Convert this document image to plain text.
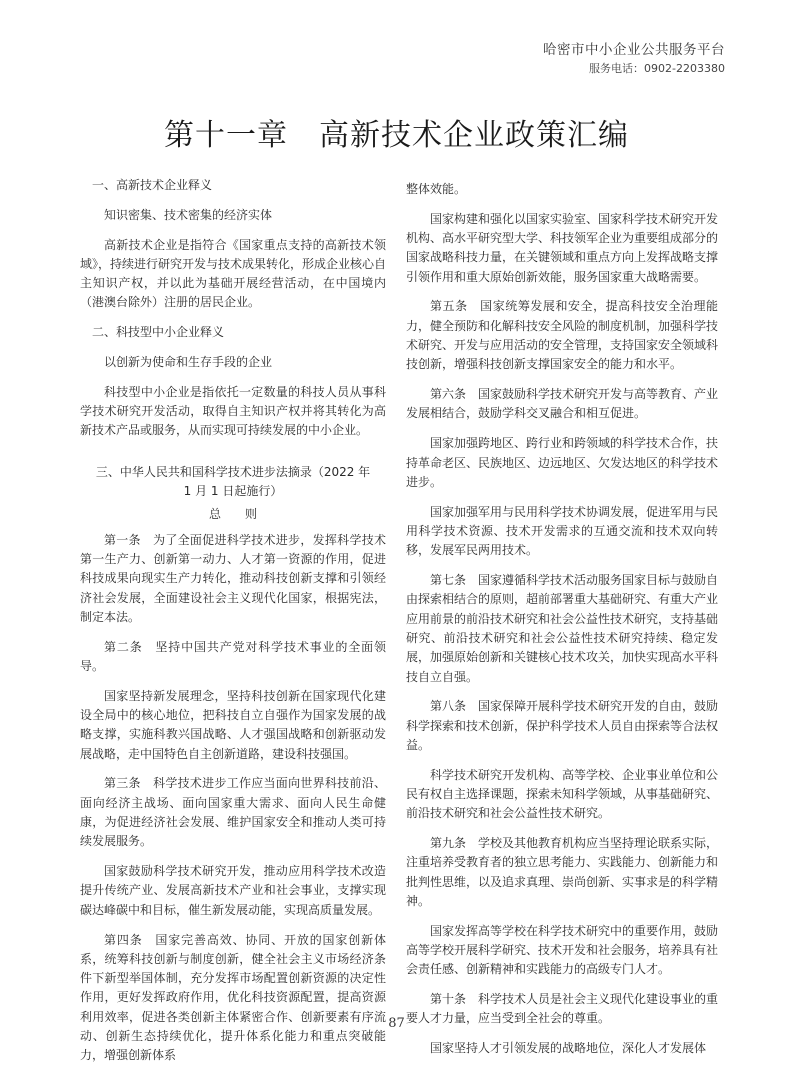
哈密市中小企业公共服务平台
服务电话：0902-2203380
第十一章　高新技术企业政策汇编

一、高新技术企业释义

知识密集、技术密集的经济实体

高新技术企业是指符合《国家重点支持的高新技术领域》，持续进行研究开发与技术成果转化，形成企业核心自主知识产权，并以此为基础开展经营活动，在中国境内（港澳台除外）注册的居民企业。

二、科技型中小企业释义

以创新为使命和生存手段的企业

科技型中小企业是指依托一定数量的科技人员从事科学技术研究开发活动，取得自主知识产权并将其转化为高新技术产品或服务，从而实现可持续发展的中小企业。

三、中华人民共和国科学技术进步法摘录（2022 年 1 月 1 日起施行）

总　　则

第一条　为了全面促进科学技术进步，发挥科学技术第一生产力、创新第一动力、人才第一资源的作用，促进科技成果向现实生产力转化，推动科技创新支撑和引领经济社会发展，全面建设社会主义现代化国家，根据宪法，制定本法。

第二条　坚持中国共产党对科学技术事业的全面领导。

国家坚持新发展理念，坚持科技创新在国家现代化建设全局中的核心地位，把科技自立自强作为国家发展的战略支撑，实施科教兴国战略、人才强国战略和创新驱动发展战略，走中国特色自主创新道路，建设科技强国。

第三条　科学技术进步工作应当面向世界科技前沿、面向经济主战场、面向国家重大需求、面向人民生命健康，为促进经济社会发展、维护国家安全和推动人类可持续发展服务。

国家鼓励科学技术研究开发，推动应用科学技术改造提升传统产业、发展高新技术产业和社会事业，支撑实现碳达峰碳中和目标，催生新发展动能，实现高质量发展。

第四条　国家完善高效、协同、开放的国家创新体系，统筹科技创新与制度创新，健全社会主义市场经济条件下新型举国体制，充分发挥市场配置创新资源的决定性作用，更好发挥政府作用，优化科技资源配置，提高资源利用效率，促进各类创新主体紧密合作、创新要素有序流动、创新生态持续优化，提升体系化能力和重点突破能力，增强创新体系

整体效能。

国家构建和强化以国家实验室、国家科学技术研究开发机构、高水平研究型大学、科技领军企业为重要组成部分的国家战略科技力量，在关键领域和重点方向上发挥战略支撑引领作用和重大原始创新效能，服务国家重大战略需要。

第五条　国家统筹发展和安全，提高科技安全治理能力，健全预防和化解科技安全风险的制度机制，加强科学技术研究、开发与应用活动的安全管理，支持国家安全领域科技创新，增强科技创新支撑国家安全的能力和水平。

第六条　国家鼓励科学技术研究开发与高等教育、产业发展相结合，鼓励学科交叉融合和相互促进。

国家加强跨地区、跨行业和跨领域的科学技术合作，扶持革命老区、民族地区、边远地区、欠发达地区的科学技术进步。

国家加强军用与民用科学技术协调发展，促进军用与民用科学技术资源、技术开发需求的互通交流和技术双向转移，发展军民两用技术。

第七条　国家遵循科学技术活动服务国家目标与鼓励自由探索相结合的原则，超前部署重大基础研究、有重大产业应用前景的前沿技术研究和社会公益性技术研究，支持基础研究、前沿技术研究和社会公益性技术研究持续、稳定发展，加强原始创新和关键核心技术攻关，加快实现高水平科技自立自强。

第八条　国家保障开展科学技术研究开发的自由，鼓励科学探索和技术创新，保护科学技术人员自由探索等合法权益。

科学技术研究开发机构、高等学校、企业事业单位和公民有权自主选择课题，探索未知科学领域，从事基础研究、前沿技术研究和社会公益性技术研究。

第九条　学校及其他教育机构应当坚持理论联系实际，注重培养受教育者的独立思考能力、实践能力、创新能力和批判性思维，以及追求真理、崇尚创新、实事求是的科学精神。

国家发挥高等学校在科学技术研究中的重要作用，鼓励高等学校开展科学研究、技术开发和社会服务，培养具有社会责任感、创新精神和实践能力的高级专门人才。

第十条　科学技术人员是社会主义现代化建设事业的重要人才力量，应当受到全社会的尊重。

国家坚持人才引领发展的战略地位，深化人才发展体

87
